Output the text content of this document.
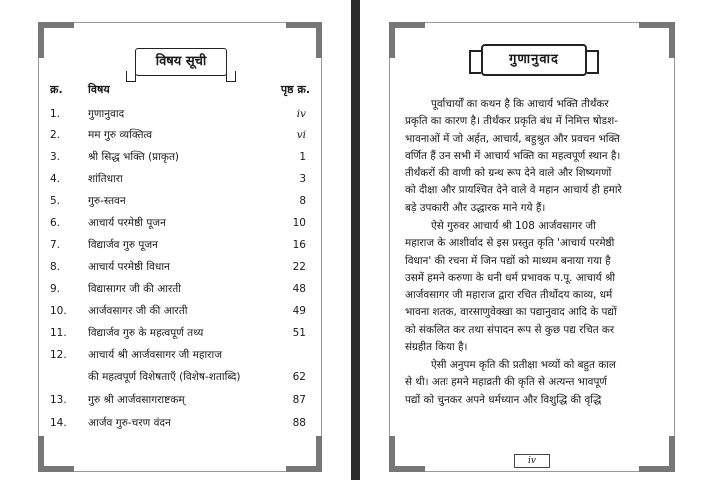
विषय सूची
क्र. विषय	पृष्ठ क्र.
1.	गुणानुवाद	iv
2.	मम गुरु व्यक्तित्व	vi
3.	श्री सिद्ध भक्ति (प्राकृत)	1
4.	शांतिधारा	3
5.	गुरु-स्तवन	8
6.	आचार्य परमेष्ठी पूजन	10
7.	विद्यार्जव गुरु पूजन	16
8.	आचार्य परमेष्ठी विधान	22
9.	विद्यासागर जी की आरती	48
10.	आर्जवसागर जी की आरती	49
11.	विद्यार्जव गुरु के महत्वपूर्ण तथ्य	51
12.	आचार्य श्री आर्जवसागर जी महाराज
की महत्वपूर्ण विशेषताएँ (विशेष-शताब्दि)	62
13.	गुरु श्री आर्जवसागराष्टकम्	87
14.	आर्जव गुरु-चरण वंदन	88
गुणानुवाद
पूर्वाचार्यों का कथन है कि आचार्य भक्ति तीर्थंकर
प्रकृति का कारण है। तीर्थंकर प्रकृति बंध में निमित्त षोडश-
भावनाओं में जो अर्हत, आचार्य, बहुश्रुत और प्रवचन भक्ति
वर्णित हैं उन सभी में आचार्य भक्ति का महत्वपूर्ण स्थान है।
तीर्थंकरों की वाणी को ग्रन्थ रूप देने वाले और शिष्यगणों
को दीक्षा और प्रायश्चित देने वाले वे महान आचार्य ही हमारे
बड़े उपकारी और उद्धारक माने गये हैं।
ऐसे गुरुवर आचार्य श्री 108 आर्जवसागर जी
महाराज के आशीर्वाद से इस प्रस्तुत कृति 'आचार्य परमेष्ठी
विधान' की रचना में जिन पद्यों को माध्यम बनाया गया है
उसमें हमने करुणा के धनी धर्म प्रभावक प.पू. आचार्य श्री
आर्जवसागर जी महाराज द्वारा रचित तीर्थोदय काव्य, धर्म
भावना शतक, वारसाणुवेक्खा का पद्यानुवाद आदि के पद्यों
को संकलित कर तथा संपादन रूप से कुछ पद्य रचित कर
संग्रहीत किया है।
ऐसी अनुपम कृति की प्रतीक्षा भव्यों को बहुत काल
से थी। अतः हमने महाव्रती की कृति से अत्यन्त भावपूर्ण
पद्यों को चुनकर अपने धर्मध्यान और विशुद्धि की वृद्धि
iv
